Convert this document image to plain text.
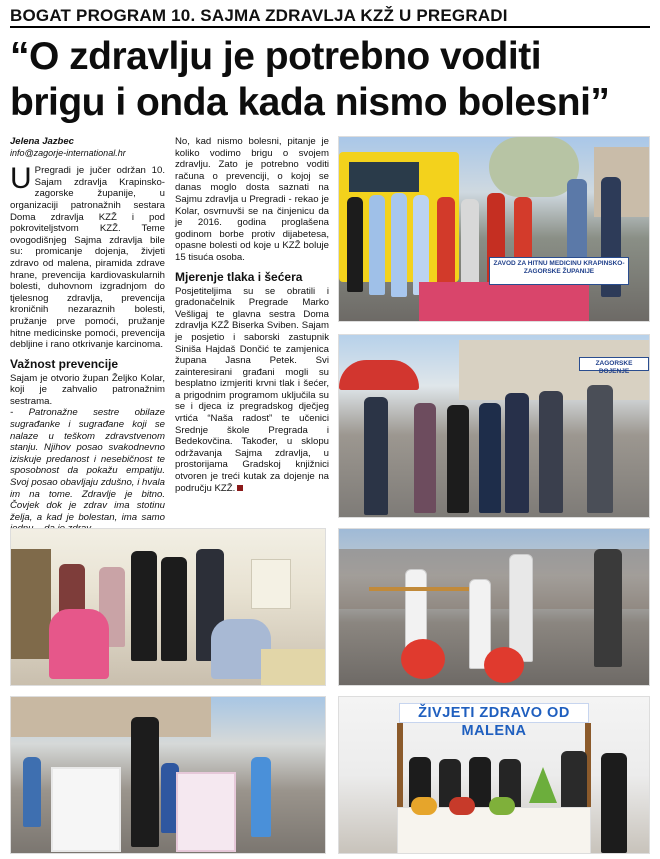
BOGAT PROGRAM 10. SAJMA ZDRAVLJA KZŽ U PREGRADI
“O zdravlju je potrebno voditi
brigu i onda kada nismo bolesni”
Jelena Jazbec
info@zagorje-international.hr

U Pregradi je jučer održan 10. Sajam zdravlja Krapinsko-zagorske županije, u organizaciji patronažnih sestara Doma zdravlja KZŽ i pod pokroviteljstvom KZŽ. Teme ovogodišnjeg Sajma zdravlja bile su: promicanje dojenja, živjeti zdravo od malena, piramida zdrave hrane, prevencija kardiovaskularnih bolesti, duhovnom izgradnjom do tjelesnog zdravlja, prevencija kroničnih nezaraznih bolesti, pružanje prve pomoći, pružanje hitne medicinske pomoći, prevencija debljine i rano otkrivanje karcinoma.

Važnost prevencije

Sajam je otvorio župan Željko Kolar, koji je zahvalio patronažnim sestrama.

- Patronažne sestre obilaze sugrađanke i sugrađane koji se nalaze u teškom zdravstvenom stanju. Njihov posao svakodnevno iziskuje predanost i nesebičnost te sposobnost da pokažu empatiju. Svoj posao obavljaju zdušno, i hvala im na tome. Zdravlje je bitno. Čovjek dok je zdrav ima stotinu želja, a kad je bolestan, ima samo

No, kad nismo bolesni, pitanje je koliko vodimo brigu o svojem zdravlju. Zato je potrebno voditi računa o prevenciji, o kojoj se danas moglo dosta saznati na Sajmu zdravlja u Pregradi - rekao je Kolar, osvrnuvši se na činjenicu da je 2016. godina proglašena godinom borbe protiv dijabetesa, opasne bolesti od koje u KZŽ boluje 15 tisuća osoba.

Mjerenje tlaka i šećera

Posjetiteljima su se obratili i gradonačelnik Pregrade Marko Vešligaj te glavna sestra Doma zdravlja KZŽ Biserka Sviben. Sajam je posjetio i saborski zastupnik Siniša Hajdaš Dončić te zamjenica župana Jasna Petek. Svi zainteresirani građani mogli su besplatno izmjeriti krvni tlak i šećer, a prigodnim programom uključila su se i djeca iz pregradskog dječjeg vrtića “Naša radost” te učenici Srednje škole Pregrada i Bedekovčina. Također, u sklopu održavanja Sajma zdravlja, u prostorijama Gradskoj knjižnici otvoren je treći kutak za dojenje na području KZŽ.

ZAVOD ZA HITNU MEDICINU KRAPINSKO-ZAGORSKE ŽUPANIJE
ZAGORSKE DOJENJE
ŽIVJETI ZDRAVO OD MALENA
